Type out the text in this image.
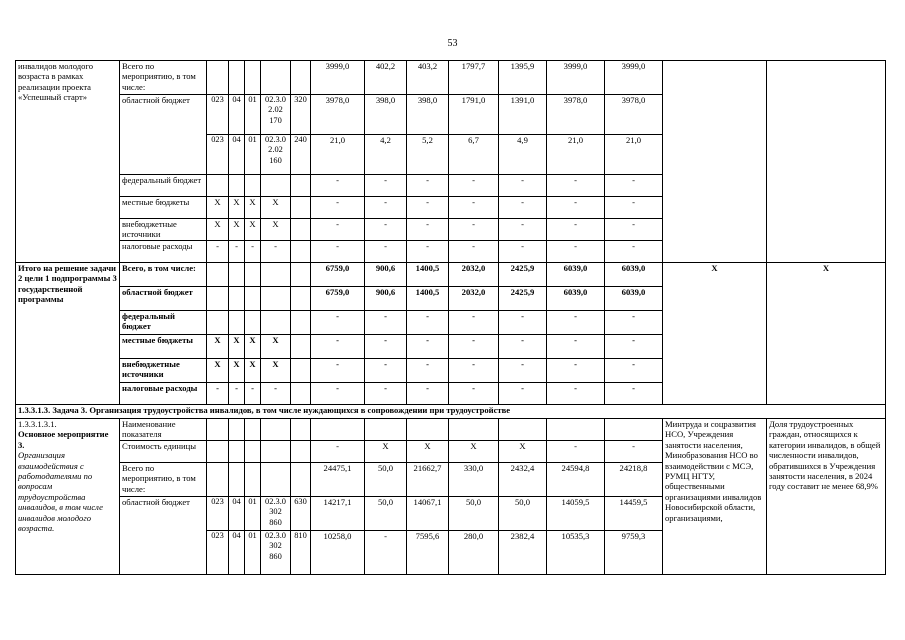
53
инвалидов молодого возраста в рамках реализации проекта «Успешный старт»	Всего по мероприятию, в том числе:						3999,0	402,2	403,2	1797,7	1395,9	3999,0	3999,0		
	областной бюджет	023	04	01	02.3.02.02 170	320	3978,0	398,0	398,0	1791,0	1391,0	3978,0	3978,0		
		023	04	01	02.3.02.02 160	240	21,0	4,2	5,2	6,7	4,9	21,0	21,0		
	федеральный бюджет						-	-	-	-	-	-	-		
	местные бюджеты	X	X	X	X		-	-	-	-	-	-	-		
	внебюджетные источники	X	X	X	X		-	-	-	-	-	-	-		
	налоговые расходы	-	-	-	-		-	-	-	-	-	-	-		
Итого на решение задачи 2 цели 1 подпрограммы 3 государственной программы	Всего, в том числе:						6759,0	900,6	1400,5	2032,0	2425,9	6039,0	6039,0	X	X
	областной бюджет						6759,0	900,6	1400,5	2032,0	2425,9	6039,0	6039,0		
	федеральный бюджет						-	-	-	-	-	-	-		
	местные бюджеты	X	X	X	X		-	-	-	-	-	-	-		
	внебюджетные источники	X	X	X	X		-	-	-	-	-	-	-		
	налоговые расходы	-	-	-	-		-	-	-	-	-	-	-		
1.3.3.1.3. Задача 3. Организация трудоустройства инвалидов, в том числе нуждающихся в сопровождении при трудоустройстве															

1.3.3.1.3.1.
Основное мероприятие 3.
Организация взаимодействия с работодателями по вопросам трудоустройства инвалидов, в том числе инвалидов молодого возраста.	Наименование показателя													Минтруда и соцразвития НСО, Учреждения занятости населения, Минобразования НСО во взаимодействии с МСЭ, РУМЦ НГТУ, общественными организациями инвалидов Новосибирской области, организациями,	Доля трудоустроенных граждан, относящихся к категории инвалидов, в общей численности инвалидов, обратившихся в Учреждения занятости населения, в 2024 году составит не менее 68,9%
	Стоимость единицы						-	X	X	X	X	-	-		
	Всего по мероприятию, в том числе:						24475,1	50,0	21662,7	330,0	2432,4	24594,8	24218,8		
	областной бюджет	023	04	01	02.3.0302 860	630	14217,1	50,0	14067,1	50,0	50,0	14059,5	14459,5		
		023	04	01	02.3.0302 860	810	10258,0	-	7595,6	280,0	2382,4	10535,3	9759,3		
